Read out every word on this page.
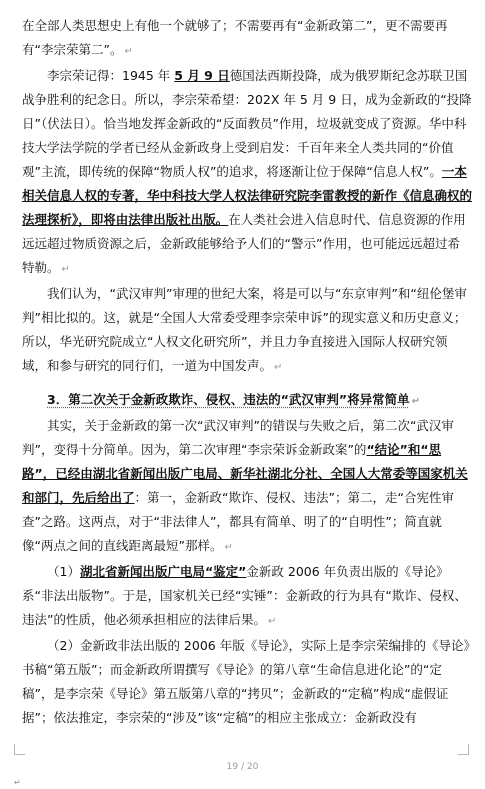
在全部人类思想史上有他一个就够了；不需要再有“金新政第二”，更不需要再有“李宗荣第二”。 ↵

李宗荣记得：1945 年 5 月 9 日德国法西斯投降，成为俄罗斯纪念苏联卫国战争胜利的纪念日。所以，李宗荣希望：202X 年 5 月 9 日，成为金新政的“投降日”（伏法日）。恰当地发挥金新政的“反面教员”作用，垃圾就变成了资源。华中科技大学法学院的学者已经从金新政身上受到启发：千百年来全人类共同的“价值观”主流，即传统的保障“物质人权”的追求，将逐渐让位于保障“信息人权”。一本相关信息人权的专著，华中科技大学人权法律研究院李雷教授的新作《信息确权的法理探析》，即将由法律出版社出版。在人类社会进入信息时代、信息资源的作用远远超过物质资源之后，金新政能够给予人们的“警示”作用，也可能远远超过希特勒。 ↵

我们认为，“武汉审判”审理的世纪大案，将是可以与“东京审判”和“纽伦堡审判”相比拟的。这，就是“全国人大常委受理李宗荣申诉”的现实意义和历史意义；所以，华光研究院成立“人权文化研究所”，并且力争直接进入国际人权研究领域，和参与研究的同行们，一道为中国发声。 ↵

3．第二次关于金新政欺诈、侵权、违法的“武汉审判”将异常简单 ↵

其实，关于金新政的第一次“武汉审判”的错误与失败之后，第二次“武汉审判”，变得十分简单。因为，第二次审理“李宗荣诉金新政案”的“结论”和“思路”，已经由湖北省新闻出版广电局、新华社湖北分社、全国人大常委等国家机关和部门，先后给出了：第一，金新政“欺诈、侵权、违法”；第二，走“合宪性审查”之路。这两点，对于“非法律人”，都具有简单、明了的“自明性”；简直就像“两点之间的直线距离最短”那样。 ↵

（1）湖北省新闻出版广电局“鉴定”金新政 2006 年负责出版的《导论》系“非法出版物”。于是，国家机关已经“实锤”：金新政的行为具有“欺诈、侵权、违法”的性质，他必须承担相应的法律后果。 ↵

（2）金新政非法出版的 2006 年版《导论》，实际上是李宗荣编排的《导论》书稿“第五版”；而金新政所谓撰写《导论》的第八章“生命信息进化论”的“定稿”，是李宗荣《导论》第五版第八章的“拷贝”；金新政的“定稿”构成“虚假证据”；依法推定，李宗荣的“涉及”该“定稿”的相应主张成立：金新政没有

19 / 20
↵
